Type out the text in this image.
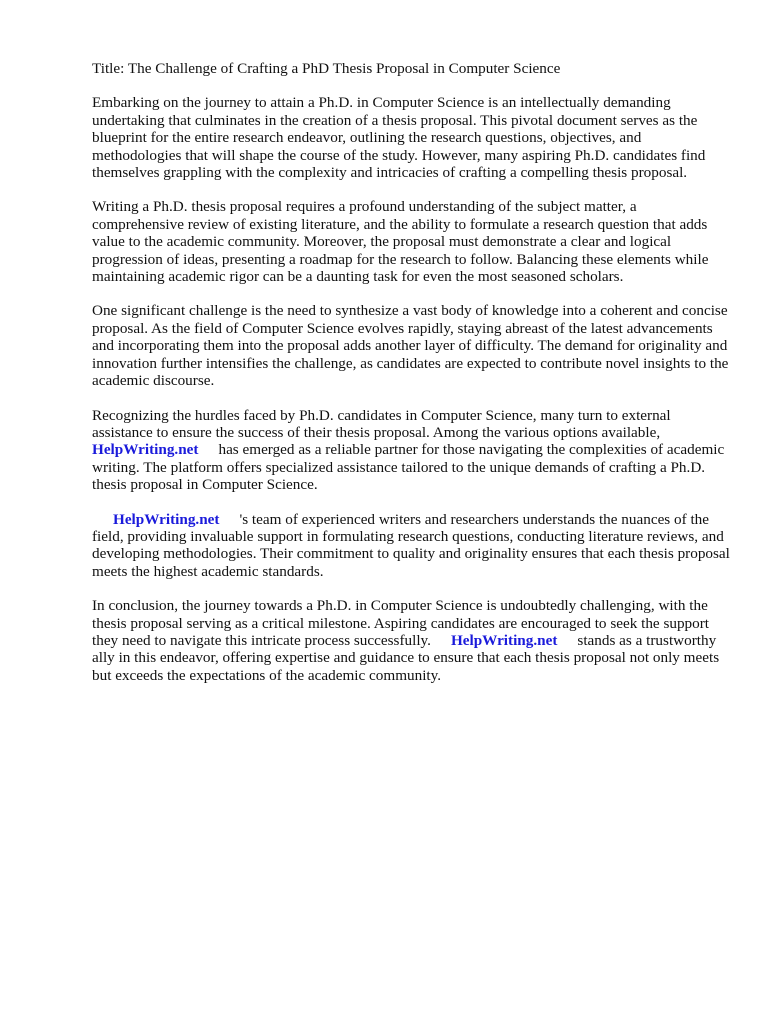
Title: The Challenge of Crafting a PhD Thesis Proposal in Computer Science

Embarking on the journey to attain a Ph.D. in Computer Science is an intellectually demanding undertaking that culminates in the creation of a thesis proposal. This pivotal document serves as the blueprint for the entire research endeavor, outlining the research questions, objectives, and methodologies that will shape the course of the study. However, many aspiring Ph.D. candidates find themselves grappling with the complexity and intricacies of crafting a compelling thesis proposal.

Writing a Ph.D. thesis proposal requires a profound understanding of the subject matter, a comprehensive review of existing literature, and the ability to formulate a research question that adds value to the academic community. Moreover, the proposal must demonstrate a clear and logical progression of ideas, presenting a roadmap for the research to follow. Balancing these elements while maintaining academic rigor can be a daunting task for even the most seasoned scholars.

One significant challenge is the need to synthesize a vast body of knowledge into a coherent and concise proposal. As the field of Computer Science evolves rapidly, staying abreast of the latest advancements and incorporating them into the proposal adds another layer of difficulty. The demand for originality and innovation further intensifies the challenge, as candidates are expected to contribute novel insights to the academic discourse.

Recognizing the hurdles faced by Ph.D. candidates in Computer Science, many turn to external assistance to ensure the success of their thesis proposal. Among the various options available,
HelpWriting.net has emerged as a reliable partner for those navigating the complexities of academic writing. The platform offers specialized assistance tailored to the unique demands of crafting a Ph.D. thesis proposal in Computer Science.

HelpWriting.net 's team of experienced writers and researchers understands the nuances of the field, providing invaluable support in formulating research questions, conducting literature reviews, and developing methodologies. Their commitment to quality and originality ensures that each thesis proposal meets the highest academic standards.

In conclusion, the journey towards a Ph.D. in Computer Science is undoubtedly challenging, with the thesis proposal serving as a critical milestone. Aspiring candidates are encouraged to seek the support they need to navigate this intricate process successfully. HelpWriting.net stands as a trustworthy ally in this endeavor, offering expertise and guidance to ensure that each thesis proposal not only meets but exceeds the expectations of the academic community.
